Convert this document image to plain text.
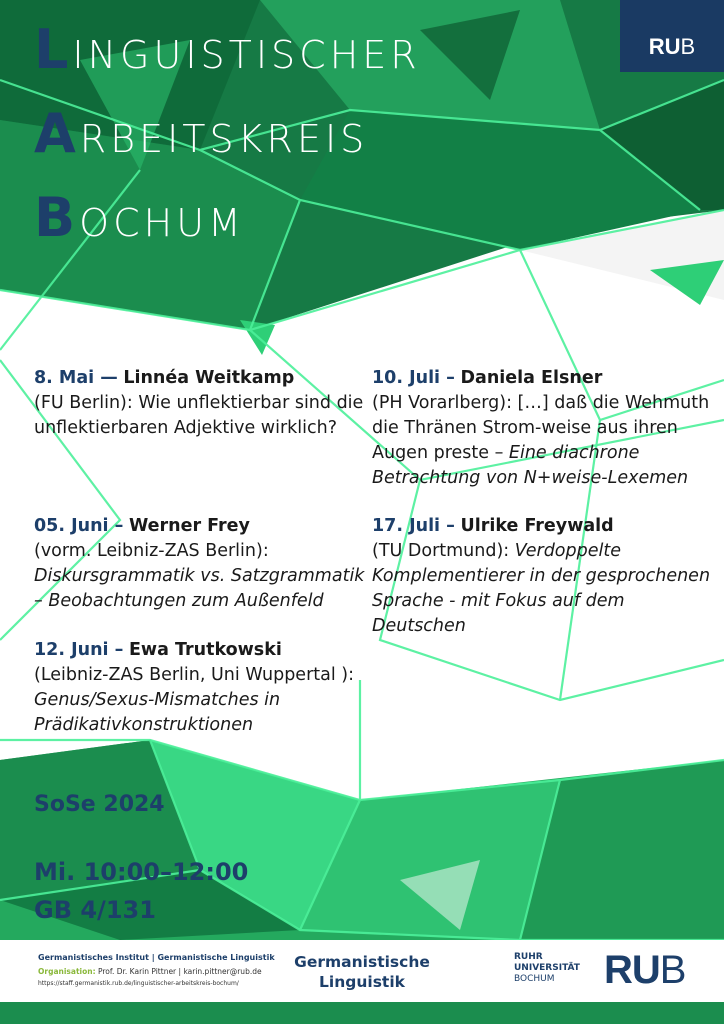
LINGUISTISCHER
ARBEITSKREIS
BOCHUM
RU B
8. Mai — Linnéa Weitkamp
(FU Berlin): Wie unflektierbar sind die unflektierbaren Adjektive wirklich?
10. Juli – Daniela Elsner
(PH Vorarlberg): […] daß die Wehmuth die Thränen Strom-weise aus ihren Augen preste – Eine diachrone Betrachtung von N+weise-Lexemen
05. Juni – Werner Frey
(vorm. Leibniz-ZAS Berlin):
Diskursgrammatik vs. Satzgrammatik – Beobachtungen zum Außenfeld
17. Juli – Ulrike Freywald
(TU Dortmund): Verdoppelte Komplementierer in der gesprochenen Sprache - mit Fokus auf dem Deutschen
12. Juni – Ewa Trutkowski
(Leibniz-ZAS Berlin, Uni Wuppertal ):
Genus/Sexus-Mismatches in Prädikativkonstruktionen
SoSe 2024
Mi. 10:00–12:00
GB 4/131
Germanistisches Institut | Germanistische Linguistik
Organisation: Prof. Dr. Karin Pittner | karin.pittner@rub.de
https://staff.germanistik.rub.de/linguistischer-arbeitskreis-bochum/
Germanistische
Linguistik
RUHR
UNIVERSITÄT
BOCHUM	RUB
